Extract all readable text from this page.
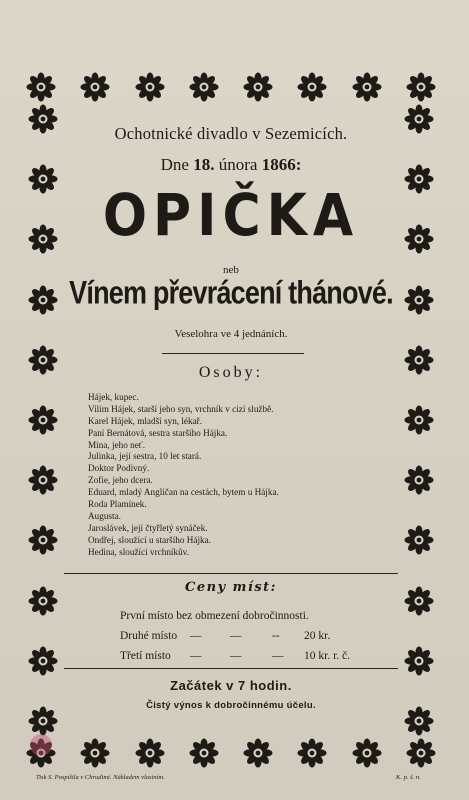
Ochotnické divadlo v Sezemicích.
Dne 18. února 1866:
OPIČKA
neb
Vínem převrácení thánové.
Veselohra ve 4 jednáních.
Osoby:
Hájek, kupec.
Vilím Hájek, starší jeho syn, vrchník v cizí službě.
Karel Hájek, mladší syn, lékař.
Paní Bernátová, sestra staršího Hájka.
Mina, jeho neť.
Julinka, její sestra, 10 let stará.
Doktor Podivný.
Zofie, jeho dcera.
Eduard, mladý Angličan na cestách, bytem u Hájka.
Roda Plamínek.
Augusta.
Jaroslávek, její čtyřletý synáček.
Ondřej, sloužící u staršího Hájka.
Hedina, sloužící vrchníkův.
Ceny míst:
První místo bez obmezení dobročinnosti.
Druhé místo — —	-- 20 kr.
Třetí místo — —	— 10 kr. r. č.
Začátek v 7 hodin.
Čistý výnos k dobročinnému účelu.
Tisk S. Pospíšila v Chrudimi. Nákladem vlastním.	K. p. š. n.
